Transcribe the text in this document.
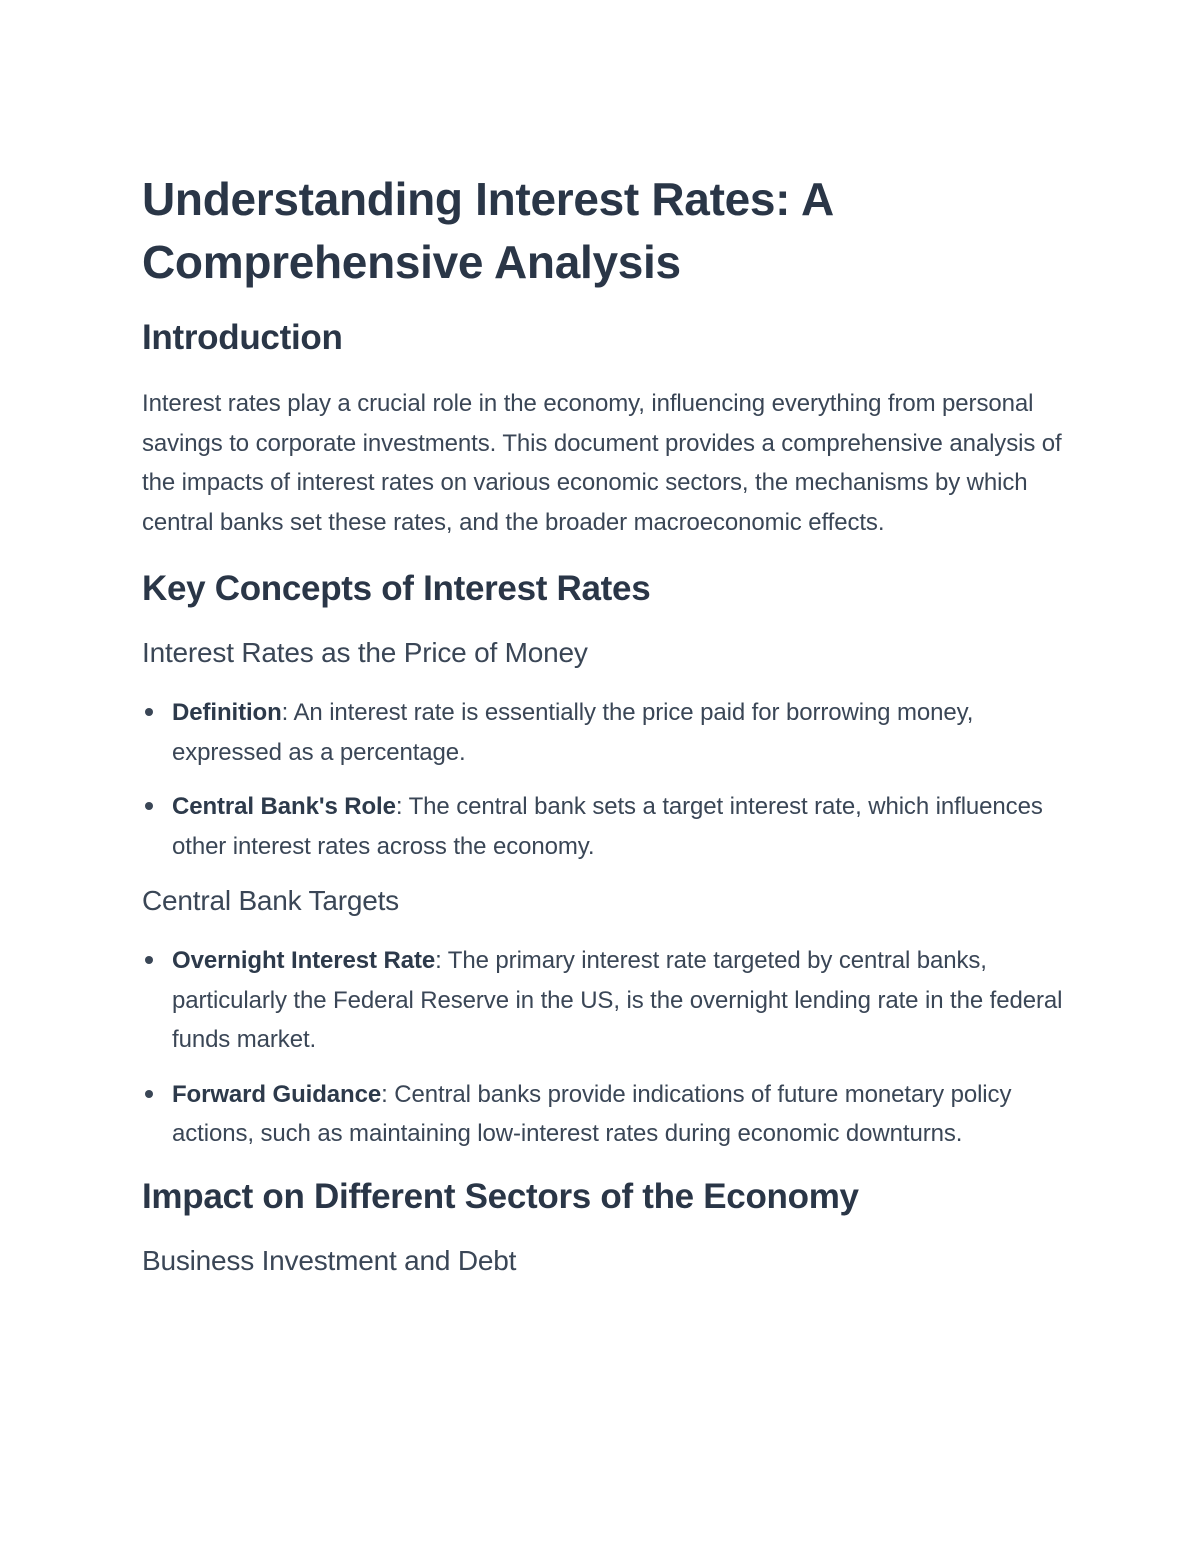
Understanding Interest Rates: A Comprehensive Analysis
Introduction

Interest rates play a crucial role in the economy, influencing everything from personal savings to corporate investments. This document provides a comprehensive analysis of the impacts of interest rates on various economic sectors, the mechanisms by which central banks set these rates, and the broader macroeconomic effects.

Key Concepts of Interest Rates
Interest Rates as the Price of Money
Definition: An interest rate is essentially the price paid for borrowing money, expressed as a percentage.
Central Bank's Role: The central bank sets a target interest rate, which influences other interest rates across the economy.
Central Bank Targets
Overnight Interest Rate: The primary interest rate targeted by central banks, particularly the Federal Reserve in the US, is the overnight lending rate in the federal funds market.
Forward Guidance: Central banks provide indications of future monetary policy actions, such as maintaining low-interest rates during economic downturns.
Impact on Different Sectors of the Economy
Business Investment and Debt
